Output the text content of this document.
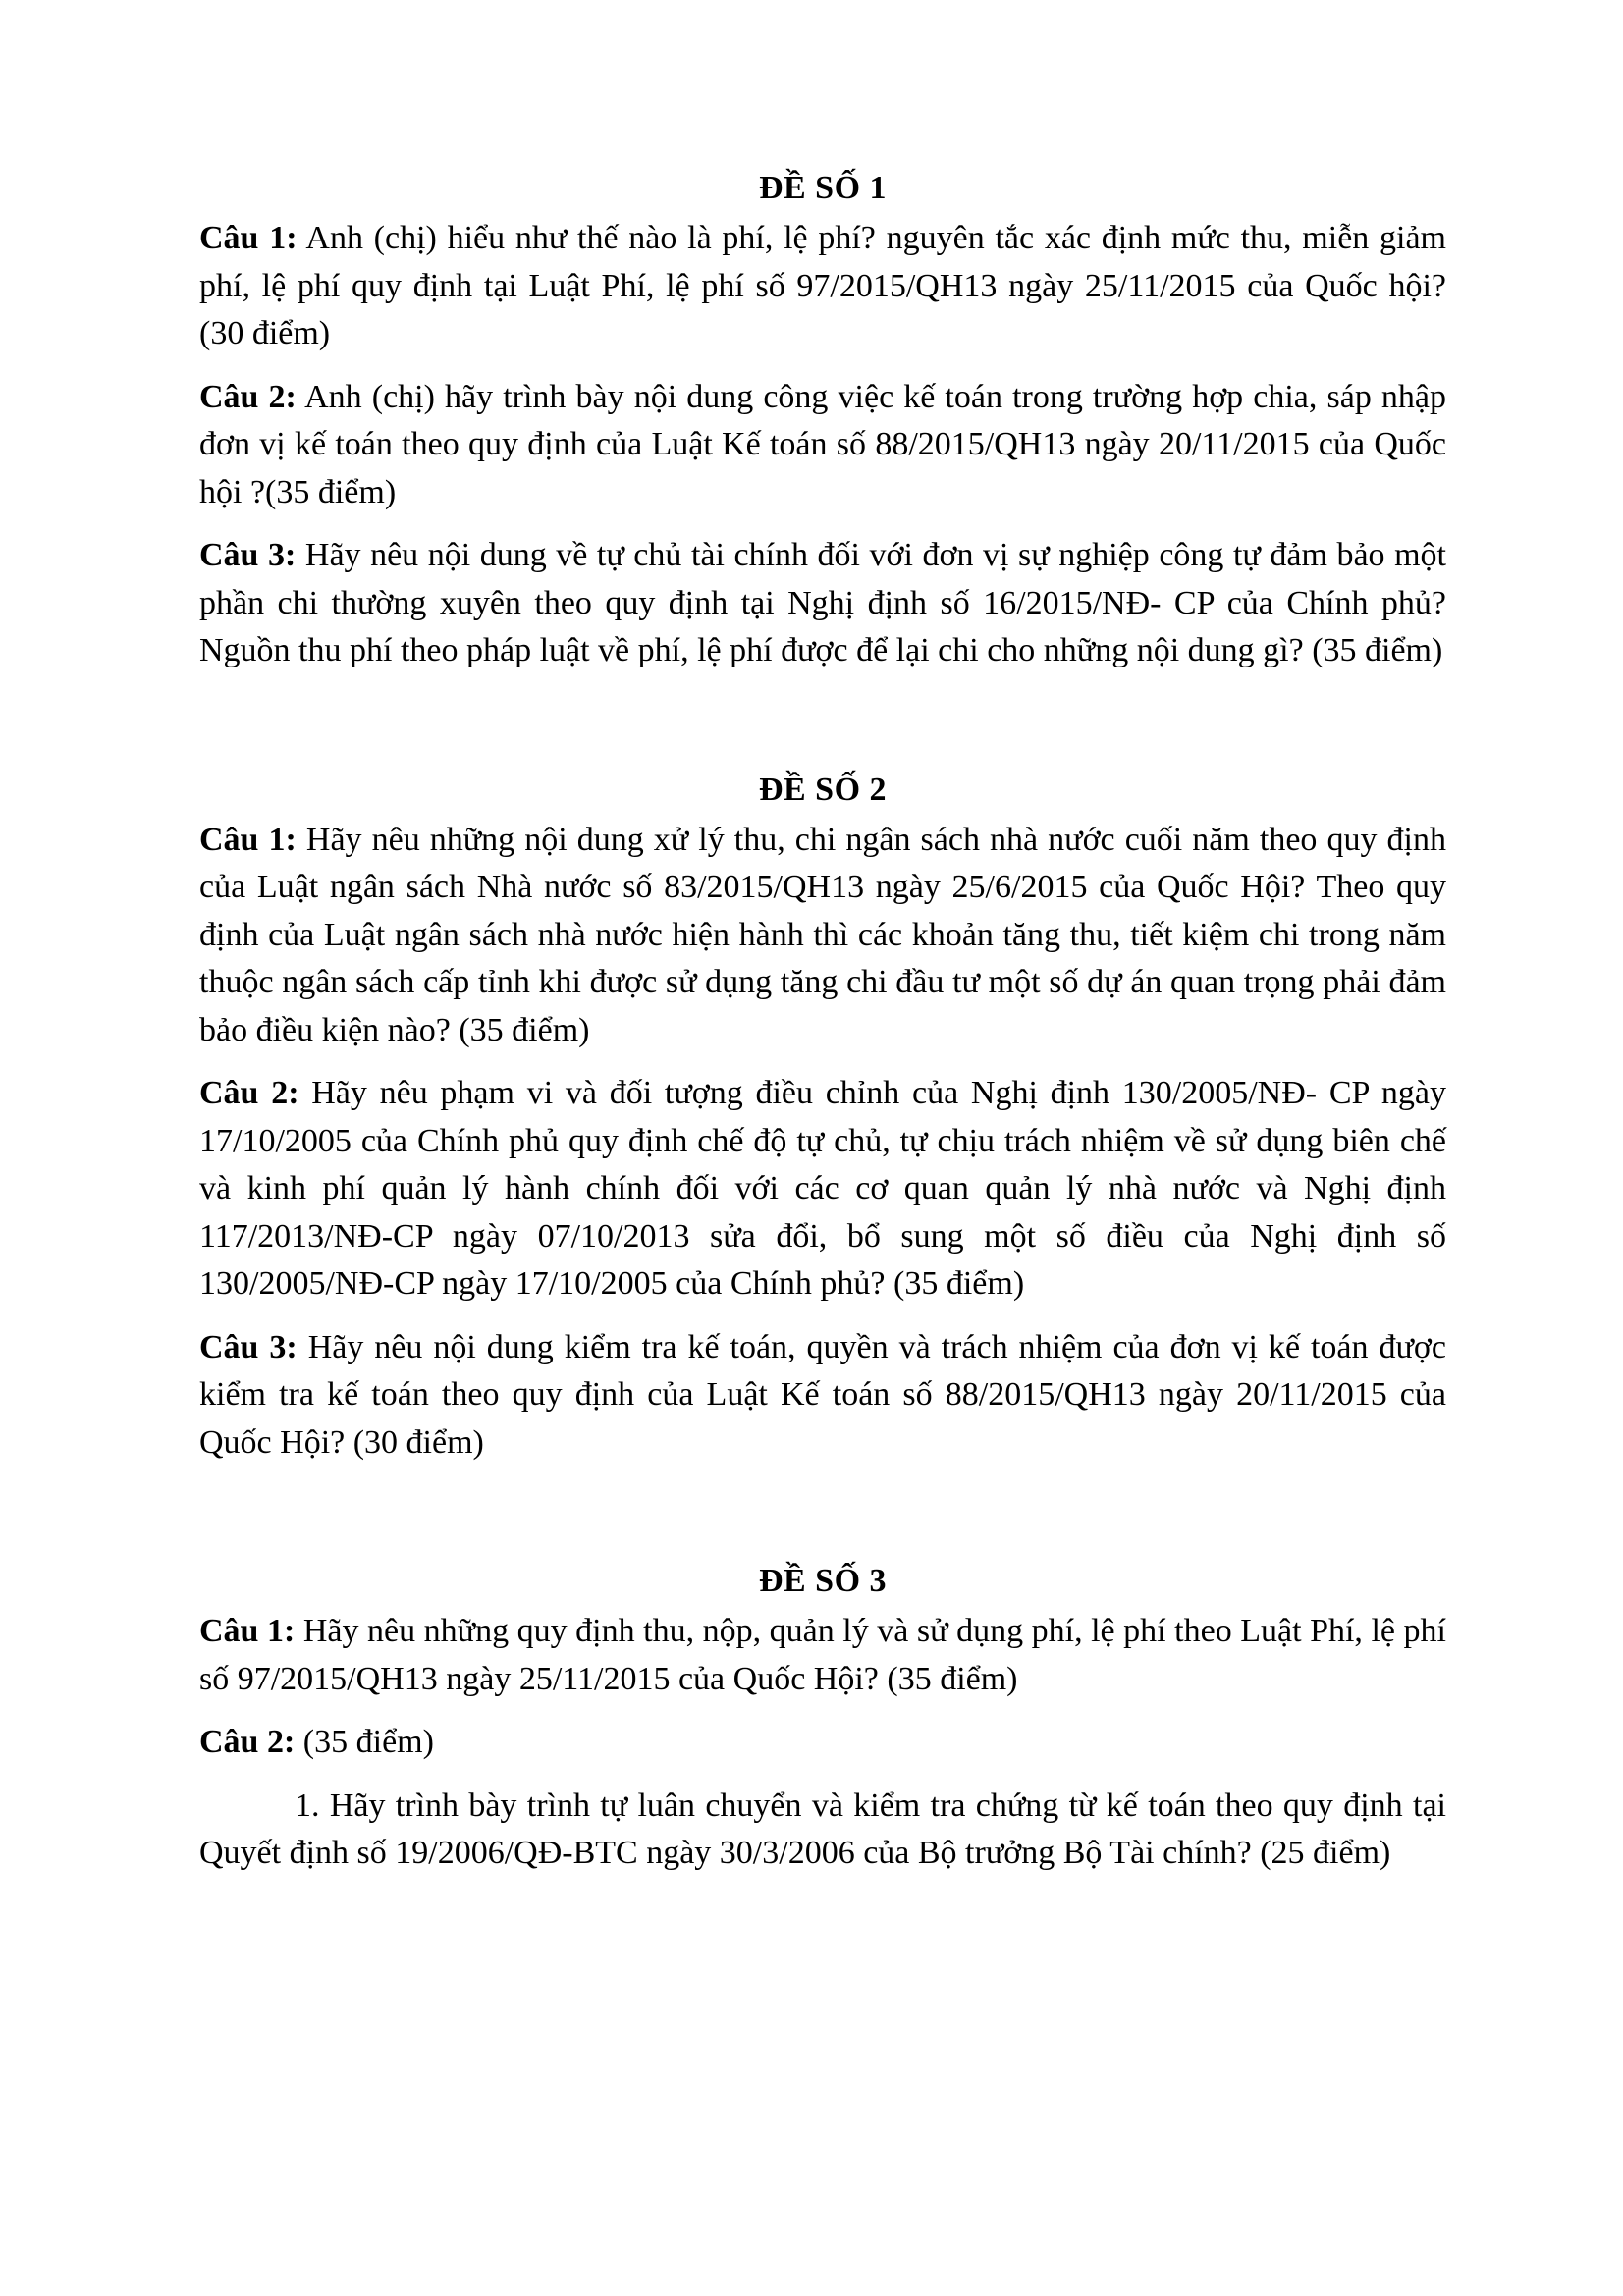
ĐỀ SỐ 1

Câu 1: Anh (chị) hiểu như thế nào là phí, lệ phí? nguyên tắc xác định mức thu, miễn giảm phí, lệ phí quy định tại Luật Phí, lệ phí số 97/2015/QH13 ngày 25/11/2015 của Quốc hội? (30 điểm)

Câu 2: Anh (chị) hãy trình bày nội dung công việc kế toán trong trường hợp chia, sáp nhập đơn vị kế toán theo quy định của Luật Kế toán số 88/2015/QH13 ngày 20/11/2015 của Quốc hội ?(35 điểm)

Câu 3: Hãy nêu nội dung về tự chủ tài chính đối với đơn vị sự nghiệp công tự đảm bảo một phần chi thường xuyên theo quy định tại Nghị định số 16/2015/NĐ- CP của Chính phủ? Nguồn thu phí theo pháp luật về phí, lệ phí được để lại chi cho những nội dung gì? (35 điểm)

ĐỀ SỐ 2

Câu 1: Hãy nêu những nội dung xử lý thu, chi ngân sách nhà nước cuối năm theo quy định của Luật ngân sách Nhà nước số 83/2015/QH13 ngày 25/6/2015 của Quốc Hội? Theo quy định của Luật ngân sách nhà nước hiện hành thì các khoản tăng thu, tiết kiệm chi trong năm thuộc ngân sách cấp tỉnh khi được sử dụng tăng chi đầu tư một số dự án quan trọng phải đảm bảo điều kiện nào? (35 điểm)

Câu 2: Hãy nêu phạm vi và đối tượng điều chỉnh của Nghị định 130/2005/NĐ- CP ngày 17/10/2005 của Chính phủ quy định chế độ tự chủ, tự chịu trách nhiệm về sử dụng biên chế và kinh phí quản lý hành chính đối với các cơ quan quản lý nhà nước và Nghị định 117/2013/NĐ-CP ngày 07/10/2013 sửa đổi, bổ sung một số điều của Nghị định số 130/2005/NĐ-CP ngày 17/10/2005 của Chính phủ? (35 điểm)

Câu 3: Hãy nêu nội dung kiểm tra kế toán, quyền và trách nhiệm của đơn vị kế toán được kiểm tra kế toán theo quy định của Luật Kế toán số 88/2015/QH13 ngày 20/11/2015 của Quốc Hội? (30 điểm)

ĐỀ SỐ 3

Câu 1: Hãy nêu những quy định thu, nộp, quản lý và sử dụng phí, lệ phí theo Luật Phí, lệ phí số 97/2015/QH13 ngày 25/11/2015 của Quốc Hội? (35 điểm)

Câu 2: (35 điểm)

1. Hãy trình bày trình tự luân chuyển và kiểm tra chứng từ kế toán theo quy định tại Quyết định số 19/2006/QĐ-BTC ngày 30/3/2006 của Bộ trưởng Bộ Tài chính? (25 điểm)
